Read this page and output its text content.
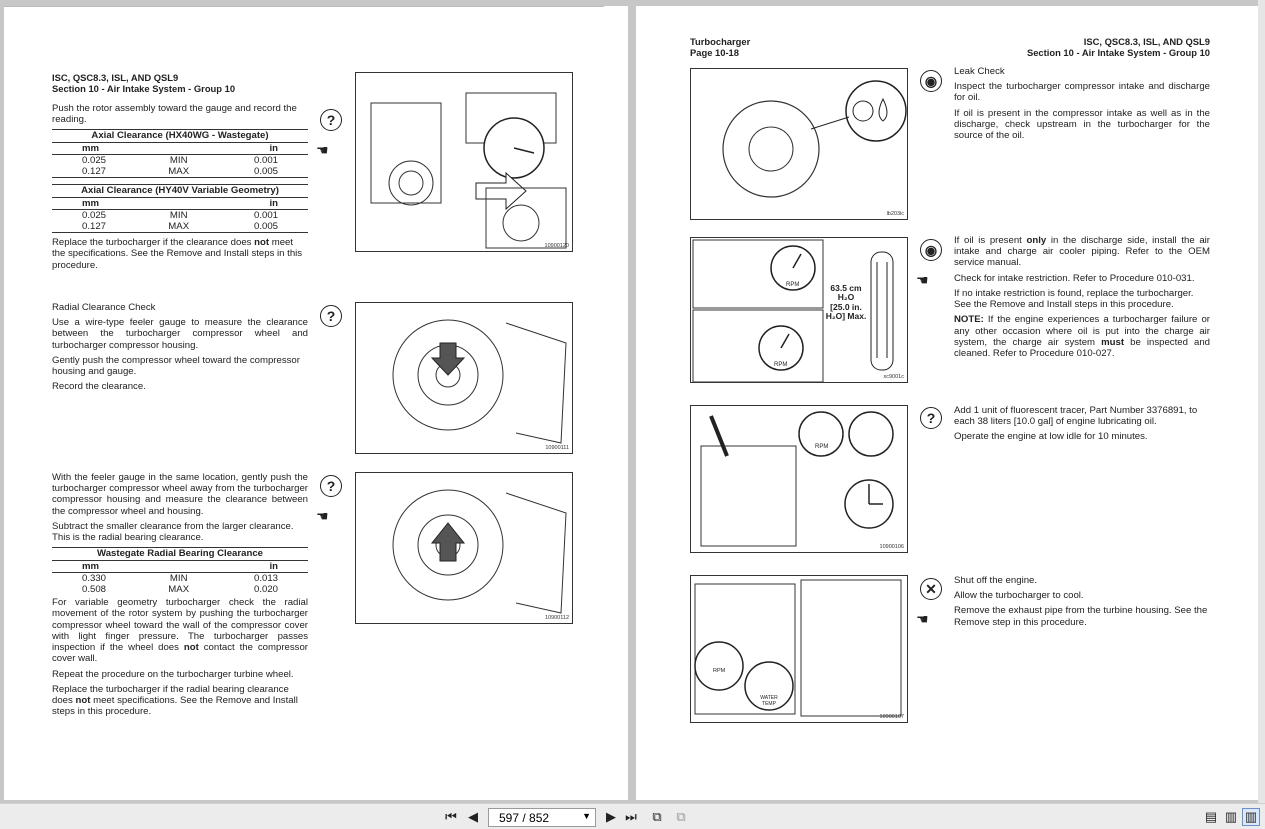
ISC, QSC8.3, ISL, AND QSL9
Section 10 - Air Intake System - Group 10
Push the rotor assembly toward the gauge and record the reading.
Axial Clearance (HX40WG - Wastegate)		
mm		in
0.025	MIN	0.001
0.127	MAX	0.005
Axial Clearance (HY40V Variable Geometry)		
mm		in
0.025	MIN	0.001
0.127	MAX	0.005
Replace the turbocharger if the clearance does not meet the specifications. See the Remove and Install steps in this procedure.
?
☚
10900120
Radial Clearance Check
Use a wire-type feeler gauge to measure the clearance between the turbocharger compressor wheel and turbocharger compressor housing.
Gently push the compressor wheel toward the compressor housing and gauge.
Record the clearance.
?
10900111
With the feeler gauge in the same location, gently push the turbocharger compressor wheel away from the turbocharger compressor housing and measure the clearance between the compressor wheel and housing.
Subtract the smaller clearance from the larger clearance. This is the radial bearing clearance.
Wastegate Radial Bearing Clearance		
mm		in
0.330	MIN	0.013
0.508	MAX	0.020
For variable geometry turbocharger check the radial movement of the rotor system by pushing the turbocharger compressor wheel toward the wall of the compressor cover with light finger pressure. The turbocharger passes inspection if the wheel does not contact the compressor cover wall.
Repeat the procedure on the turbocharger turbine wheel.
Replace the turbocharger if the radial bearing clearance does not meet specifications. See the Remove and Install steps in this procedure.
?
☚
10900112
Turbocharger
Page 10-18
ISC, QSC8.3, ISL, AND QSL9
Section 10 - Air Intake System - Group 10
lb203ic
◉
Leak Check
Inspect the turbocharger compressor intake and discharge for oil.
If oil is present in the compressor intake as well as in the discharge, check upstream in the turbocharger for the source of the oil.
63.5 cm
H₂O
[25.0 in.
H₂O] Max.
RPM
RPM
xc9001c
◉
☚
If oil is present only in the discharge side, install the air intake and charge air cooler piping. Refer to the OEM service manual.
Check for intake restriction. Refer to Procedure 010-031.
If no intake restriction is found, replace the turbocharger. See the Remove and Install steps in this procedure.
NOTE: If the engine experiences a turbocharger failure or any other occasion where oil is put into the charge air system, the charge air system must be inspected and cleaned. Refer to Procedure 010-027.
RPM
10900106
?	Add 1 unit of fluorescent tracer, Part Number 3376891, to each 38 liters [10.0 gal] of engine lubricating oil.
Operate the engine at low idle for 10 minutes.
RPM
WATER TEMP
10900107
✕
☚
Shut off the engine.
Allow the turbocharger to cool.
Remove the exhaust pipe from the turbine housing. See the Remove step in this procedure.
⏮ ◀	597 / 852	▼	▶ ⏭	⧉	⧉	▤ ▥ ▥
